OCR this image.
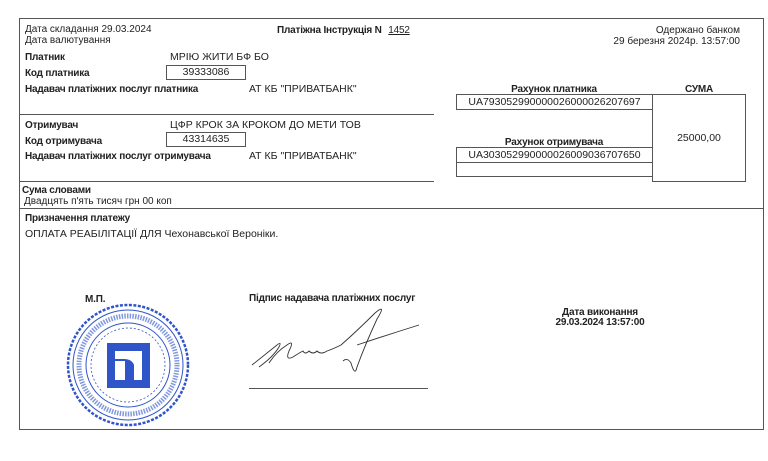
Дата складання 29.03.2024
Дата валютування
Платіжна Інструкція N 1452	Одержано банком
29 березня 2024р. 13:57:00
Платник	МРІЮ ЖИТИ БФ БО
Код платника	39333086
Надавач платіжних послуг платника	АТ КБ "ПРИВАТБАНК"	Рахунок платника
UA793052990000026000026207697
Отримувач	ЦФР КРОК ЗА КРОКОМ ДО МЕТИ ТОВ
Код отримувача	43314635
Надавач платіжних послуг отримувача	АТ КБ "ПРИВАТБАНК"
Рахунок отримувача
UA303052990000026009036707650
СУМА
25000,00
Сума словами
Двадцять п'ять тисяч грн 00 коп
Призначення платежу
ОПЛАТА РЕАБІЛІТАЦІЇ ДЛЯ Чехонавської Вероніки.
М.П.	Підпис надавача платіжних послуг
Дата виконання
29.03.2024 13:57:00
